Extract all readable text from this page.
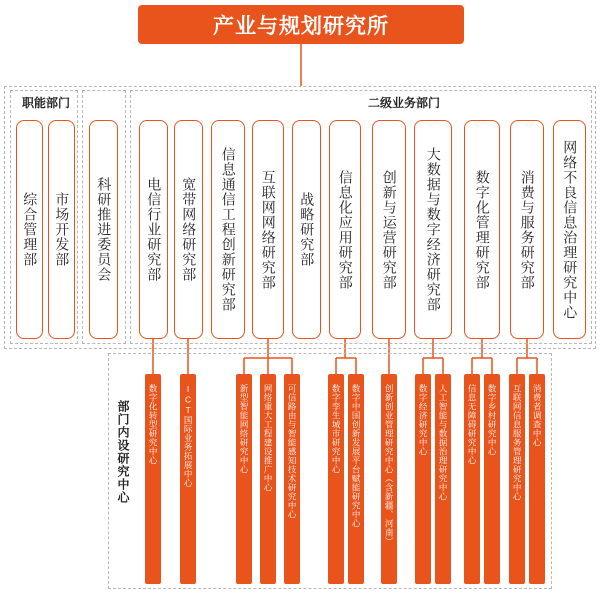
产业与规划研究所
职能部门	二级业务部门
综合管理部 市场开发部 科研推进委员会 电信行业研究部 宽带网络研究部 信息通信工程创新研究部 互联网网络研究部 战略研究部 信息化应用研究部 创新与运营研究部 大数据与数字经济研究部 数字化管理研究部 消费与服务研究部 网络不良信息治理研究中心
部门内设研究中心 数字化转型研究中心	ICT国际业务拓展中心	新型智能网络研究中心 网络重大工程建设推广中心 可信路由与智能感知技术研究中心	数字孪生城市研究中心 数字中国创新发展平台赋能研究中心	创新创业管理研究中心（含新疆、河南）	数字经济研究中心 人工智能与数据治理研究中心 信息无障碍研究中心 数字乡村研究中心 互联网信息服务管理研究中心 消费者调查中心
